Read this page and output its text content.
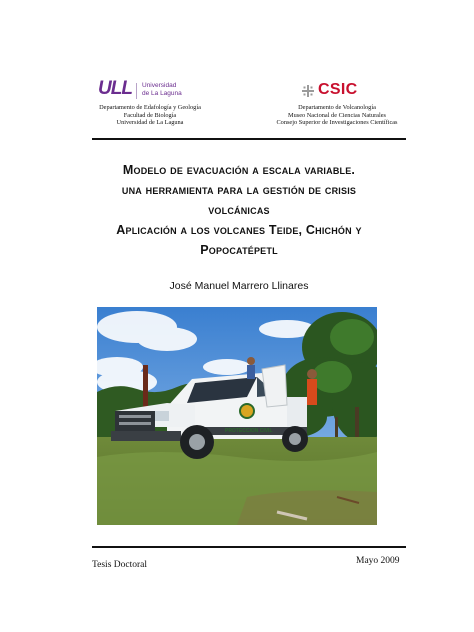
ULL Universidad
de La Laguna	CSIC
Departamento de Edafología y Geología
Facultad de Biología
Universidad de La Laguna
Departamento de Volcanología
Museo Nacional de Ciencias Naturales
Consejo Superior de Investigaciones Científicas
Modelo de evacuación a escala variable.
una herramienta para la gestión de crisis
volcánicas
Aplicación a los volcanes Teide, Chichón y
Popocatépetl
José Manuel Marrero Llinares
PROTECCION CIVIL
Tesis Doctoral	Mayo 2009
